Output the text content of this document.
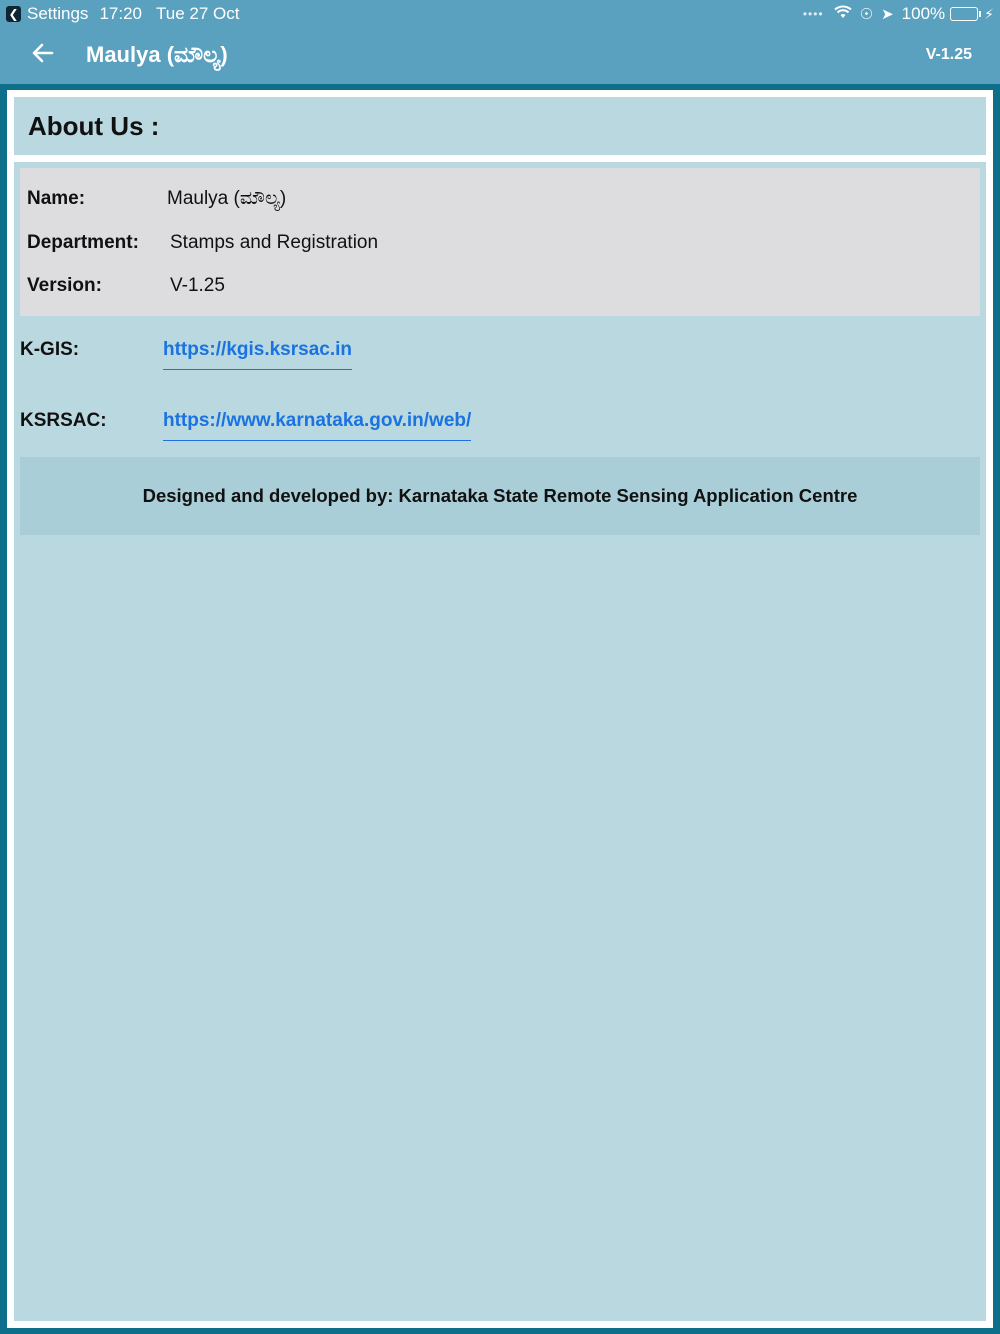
❮ Settings 17:20 Tue 27 Oct	•••• ☉ ➤ 100%	⚡
Maulya (ಮೌಲ್ಯ)	V-1.25
About Us :
Name:	Maulya (ಮೌಲ್ಯ)
Department: Stamps and Registration
Version:	V-1.25
K-GIS:	https://kgis.ksrsac.in
KSRSAC:	https://www.karnataka.gov.in/web/
Designed and developed by: Karnataka State Remote Sensing Application Centre
